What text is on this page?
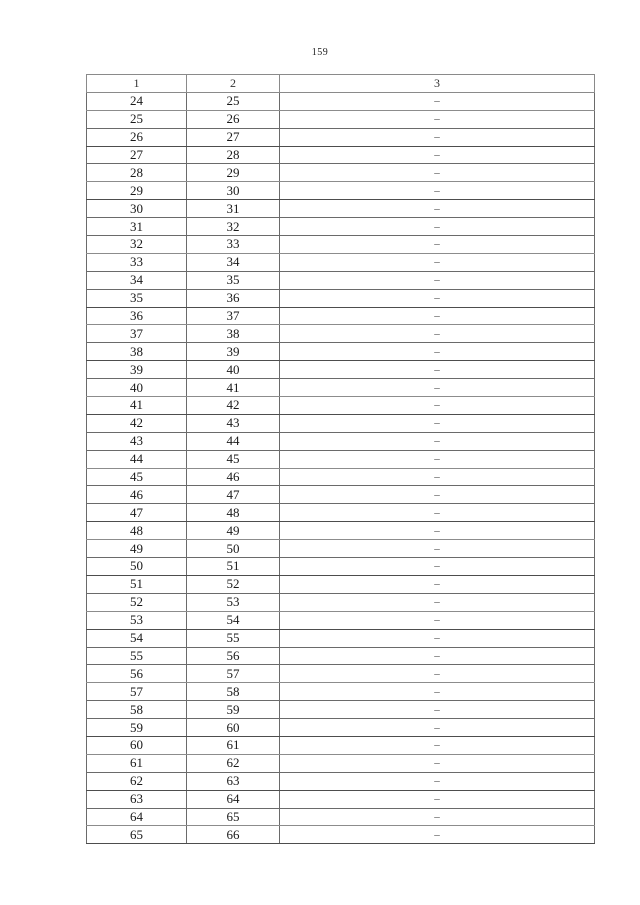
159
1	2	3
24	25	–
25	26	–
26	27	–
27	28	–
28	29	–
29	30	–
30	31	–
31	32	–
32	33	–
33	34	–
34	35	–
35	36	–
36	37	–
37	38	–
38	39	–
39	40	–
40	41	–
41	42	–
42	43	–
43	44	–
44	45	–
45	46	–
46	47	–
47	48	–
48	49	–
49	50	–
50	51	–
51	52	–
52	53	–
53	54	–
54	55	–
55	56	–
56	57	–
57	58	–
58	59	–
59	60	–
60	61	–
61	62	–
62	63	–
63	64	–
64	65	–
65	66	–
